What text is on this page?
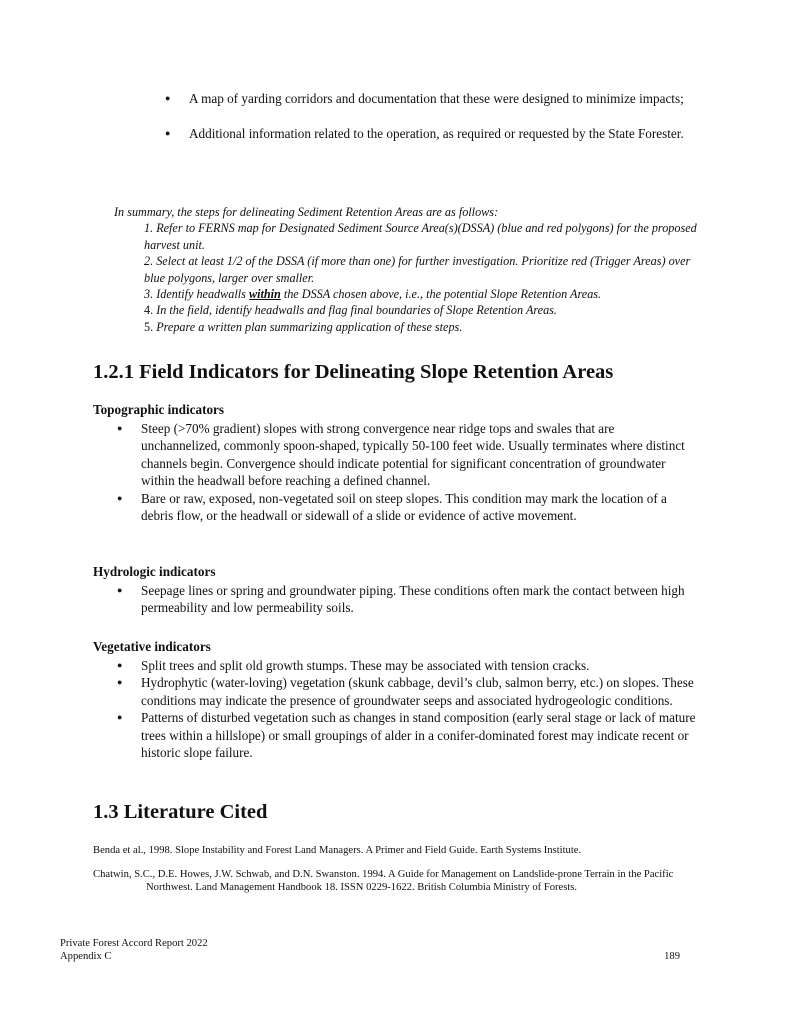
● A map of yarding corridors and documentation that these were designed to minimize impacts;
● Additional information related to the operation, as required or requested by the State Forester.
In summary, the steps for delineating Sediment Retention Areas are as follows:

1. Refer to FERNS map for Designated Sediment Source Area(s)(DSSA) (blue and red polygons) for the proposed harvest unit.

2. Select at least 1/2 of the DSSA (if more than one) for further investigation. Prioritize red (Trigger Areas) over blue polygons, larger over smaller.

3. Identify headwalls within the DSSA chosen above, i.e., the potential Slope Retention Areas.

4. In the field, identify headwalls and flag final boundaries of Slope Retention Areas.

5. Prepare a written plan summarizing application of these steps.

1.2.1 Field Indicators for Delineating Slope Retention Areas

Topographic indicators

● Steep (>70% gradient) slopes with strong convergence near ridge tops and swales that are unchannelized, commonly spoon-shaped, typically 50-100 feet wide. Usually terminates where distinct channels begin. Convergence should indicate potential for significant concentration of groundwater within the headwall before reaching a defined channel.
● Bare or raw, exposed, non-vegetated soil on steep slopes. This condition may mark the location of a debris flow, or the headwall or sidewall of a slide or evidence of active movement.

Hydrologic indicators

● Seepage lines or spring and groundwater piping. These conditions often mark the contact between high permeability and low permeability soils.

Vegetative indicators

● Split trees and split old growth stumps. These may be associated with tension cracks.
● Hydrophytic (water-loving) vegetation (skunk cabbage, devil’s club, salmon berry, etc.) on slopes. These conditions may indicate the presence of groundwater seeps and associated hydrogeologic conditions.
● Patterns of disturbed vegetation such as changes in stand composition (early seral stage or lack of mature trees within a hillslope) or small groupings of alder in a conifer-dominated forest may indicate recent or historic slope failure.
1.3 Literature Cited
Benda et al., 1998. Slope Instability and Forest Land Managers. A Primer and Field Guide. Earth Systems Institute.
Chatwin, S.C., D.E. Howes, J.W. Schwab, and D.N. Swanston. 1994. A Guide for Management on Landslide-prone Terrain in the Pacific Northwest. Land Management Handbook 18. ISSN 0229-1622. British Columbia Ministry of Forests.
Private Forest Accord Report 2022
Appendix C	189
